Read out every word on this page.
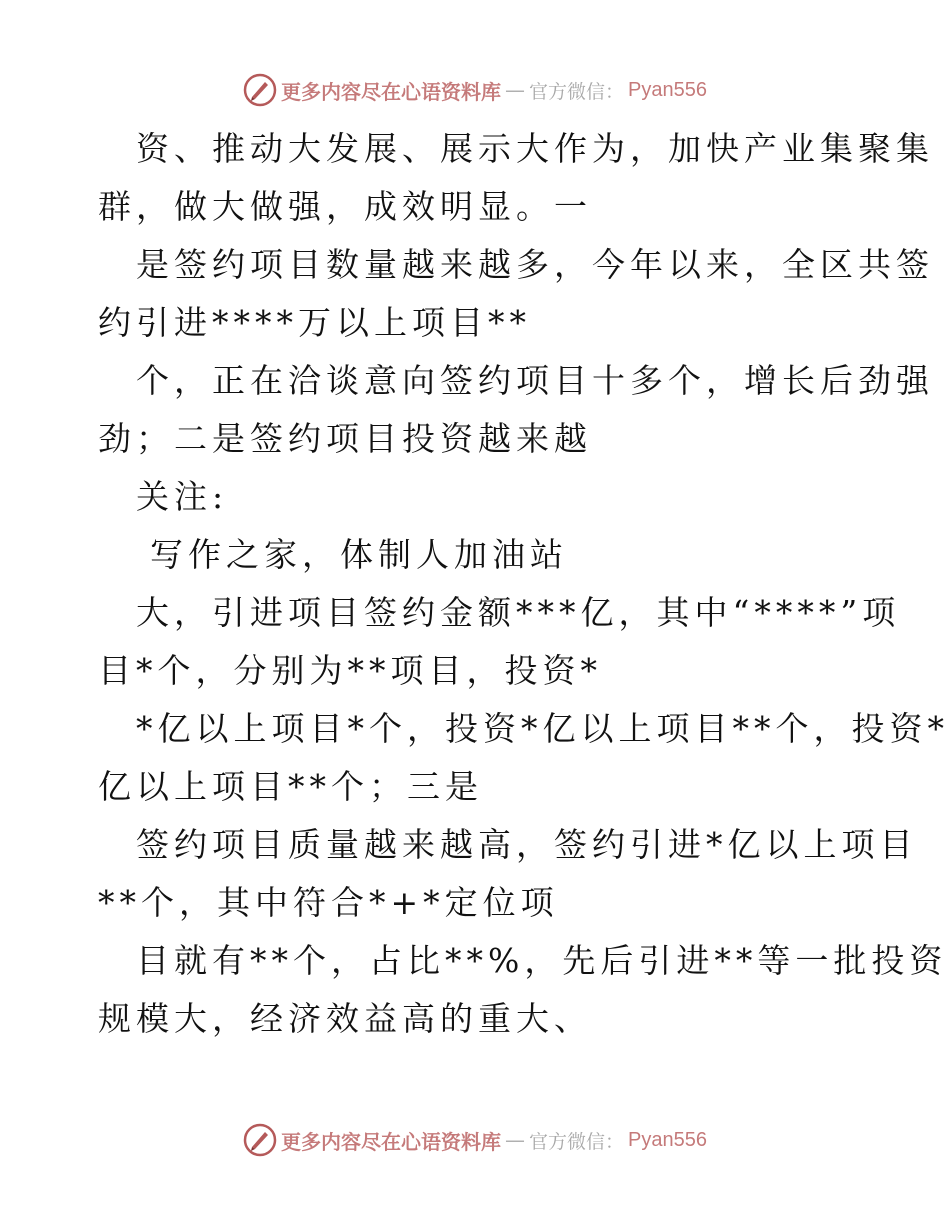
更多内容尽在心语资料库 — 官方微信： Pyan556
资、推动大发展、展示大作为，加快产业集聚集
群，做大做强，成效明显。一
是签约项目数量越来越多，今年以来，全区共签
约引进****万以上项目**
个，正在洽谈意向签约项目十多个，增长后劲强
劲；二是签约项目投资越来越
关注:
写作之家，体制人加油站
大，引进项目签约金额***亿，其中“****”项
目*个，分别为**项目，投资*
*亿以上项目*个，投资*亿以上项目**个，投资*
亿以上项目**个；三是
签约项目质量越来越高，签约引进*亿以上项目
**个，其中符合*+*定位项
目就有**个，占比**%，先后引进**等一批投资
规模大，经济效益高的重大、
更多内容尽在心语资料库 — 官方微信： Pyan556
